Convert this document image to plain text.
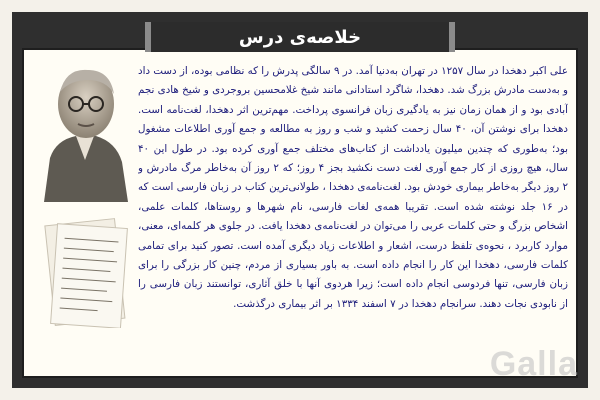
خلاصه‌ی درس
علی اکبر دهخدا در سال ۱۲۵۷ در تهران به‌دنیا آمد. در ۹ سالگی پدرش را که نظامی بوده، از دست داد و به‌دست مادرش بزرگ شد. دهخدا، شاگرد استادانی مانند شیخ غلامحسین بروجردی و شیخ هادی نجم آبادی بود و از همان زمان نیز به یادگیری زبان فرانسوی پرداخت. مهم‌ترین اثر دهخدا، لغت‌نامه است. دهخدا برای نوشتن آن، ۴۰ سال زحمت کشید و شب و روز به مطالعه و جمع آوری اطلاعات مشغول بود؛ به‌طوری که چندین میلیون یادداشت از کتاب‌های مختلف جمع آوری کرده بود. در طول این ۴۰ سال، هیچ روزی از کار جمع آوری لغت دست نکشید بجز ۴ روز؛ که ۲ روز آن به‌خاطر مرگ مادرش و ۲ روز دیگر به‌خاطر بیماری خودش بود. لغت‌نامه‌ی دهخدا ، طولانی‌ترین کتاب در زبان فارسی است که در ۱۶ جلد نوشته شده است. تقریبا همه‌ی لغات فارسی، نام شهرها و روستاها، کلمات علمی، اشخاص بزرگ و حتی کلمات عربی را می‌توان در لغت‌نامه‌ی دهخدا یافت. در جلوی هر کلمه‌ای، معنی، موارد کاربرد ، نحوه‌ی تلفظ درست، اشعار و اطلاعات زیاد دیگری آمده است. تصور کنید برای تمامی کلمات فارسی، دهخدا این کار را انجام داده است. به باور بسیاری از مردم، چنین کار بزرگی را برای زبان فارسی، تنها فردوسی انجام داده است؛ زیرا هردوی آنها با خلق آثاری، توانستند زبان فارسی را از نابودی نجات دهند. سرانجام دهخدا در ۷ اسفند ۱۳۳۴ بر اثر بیماری درگذشت.
Galla
